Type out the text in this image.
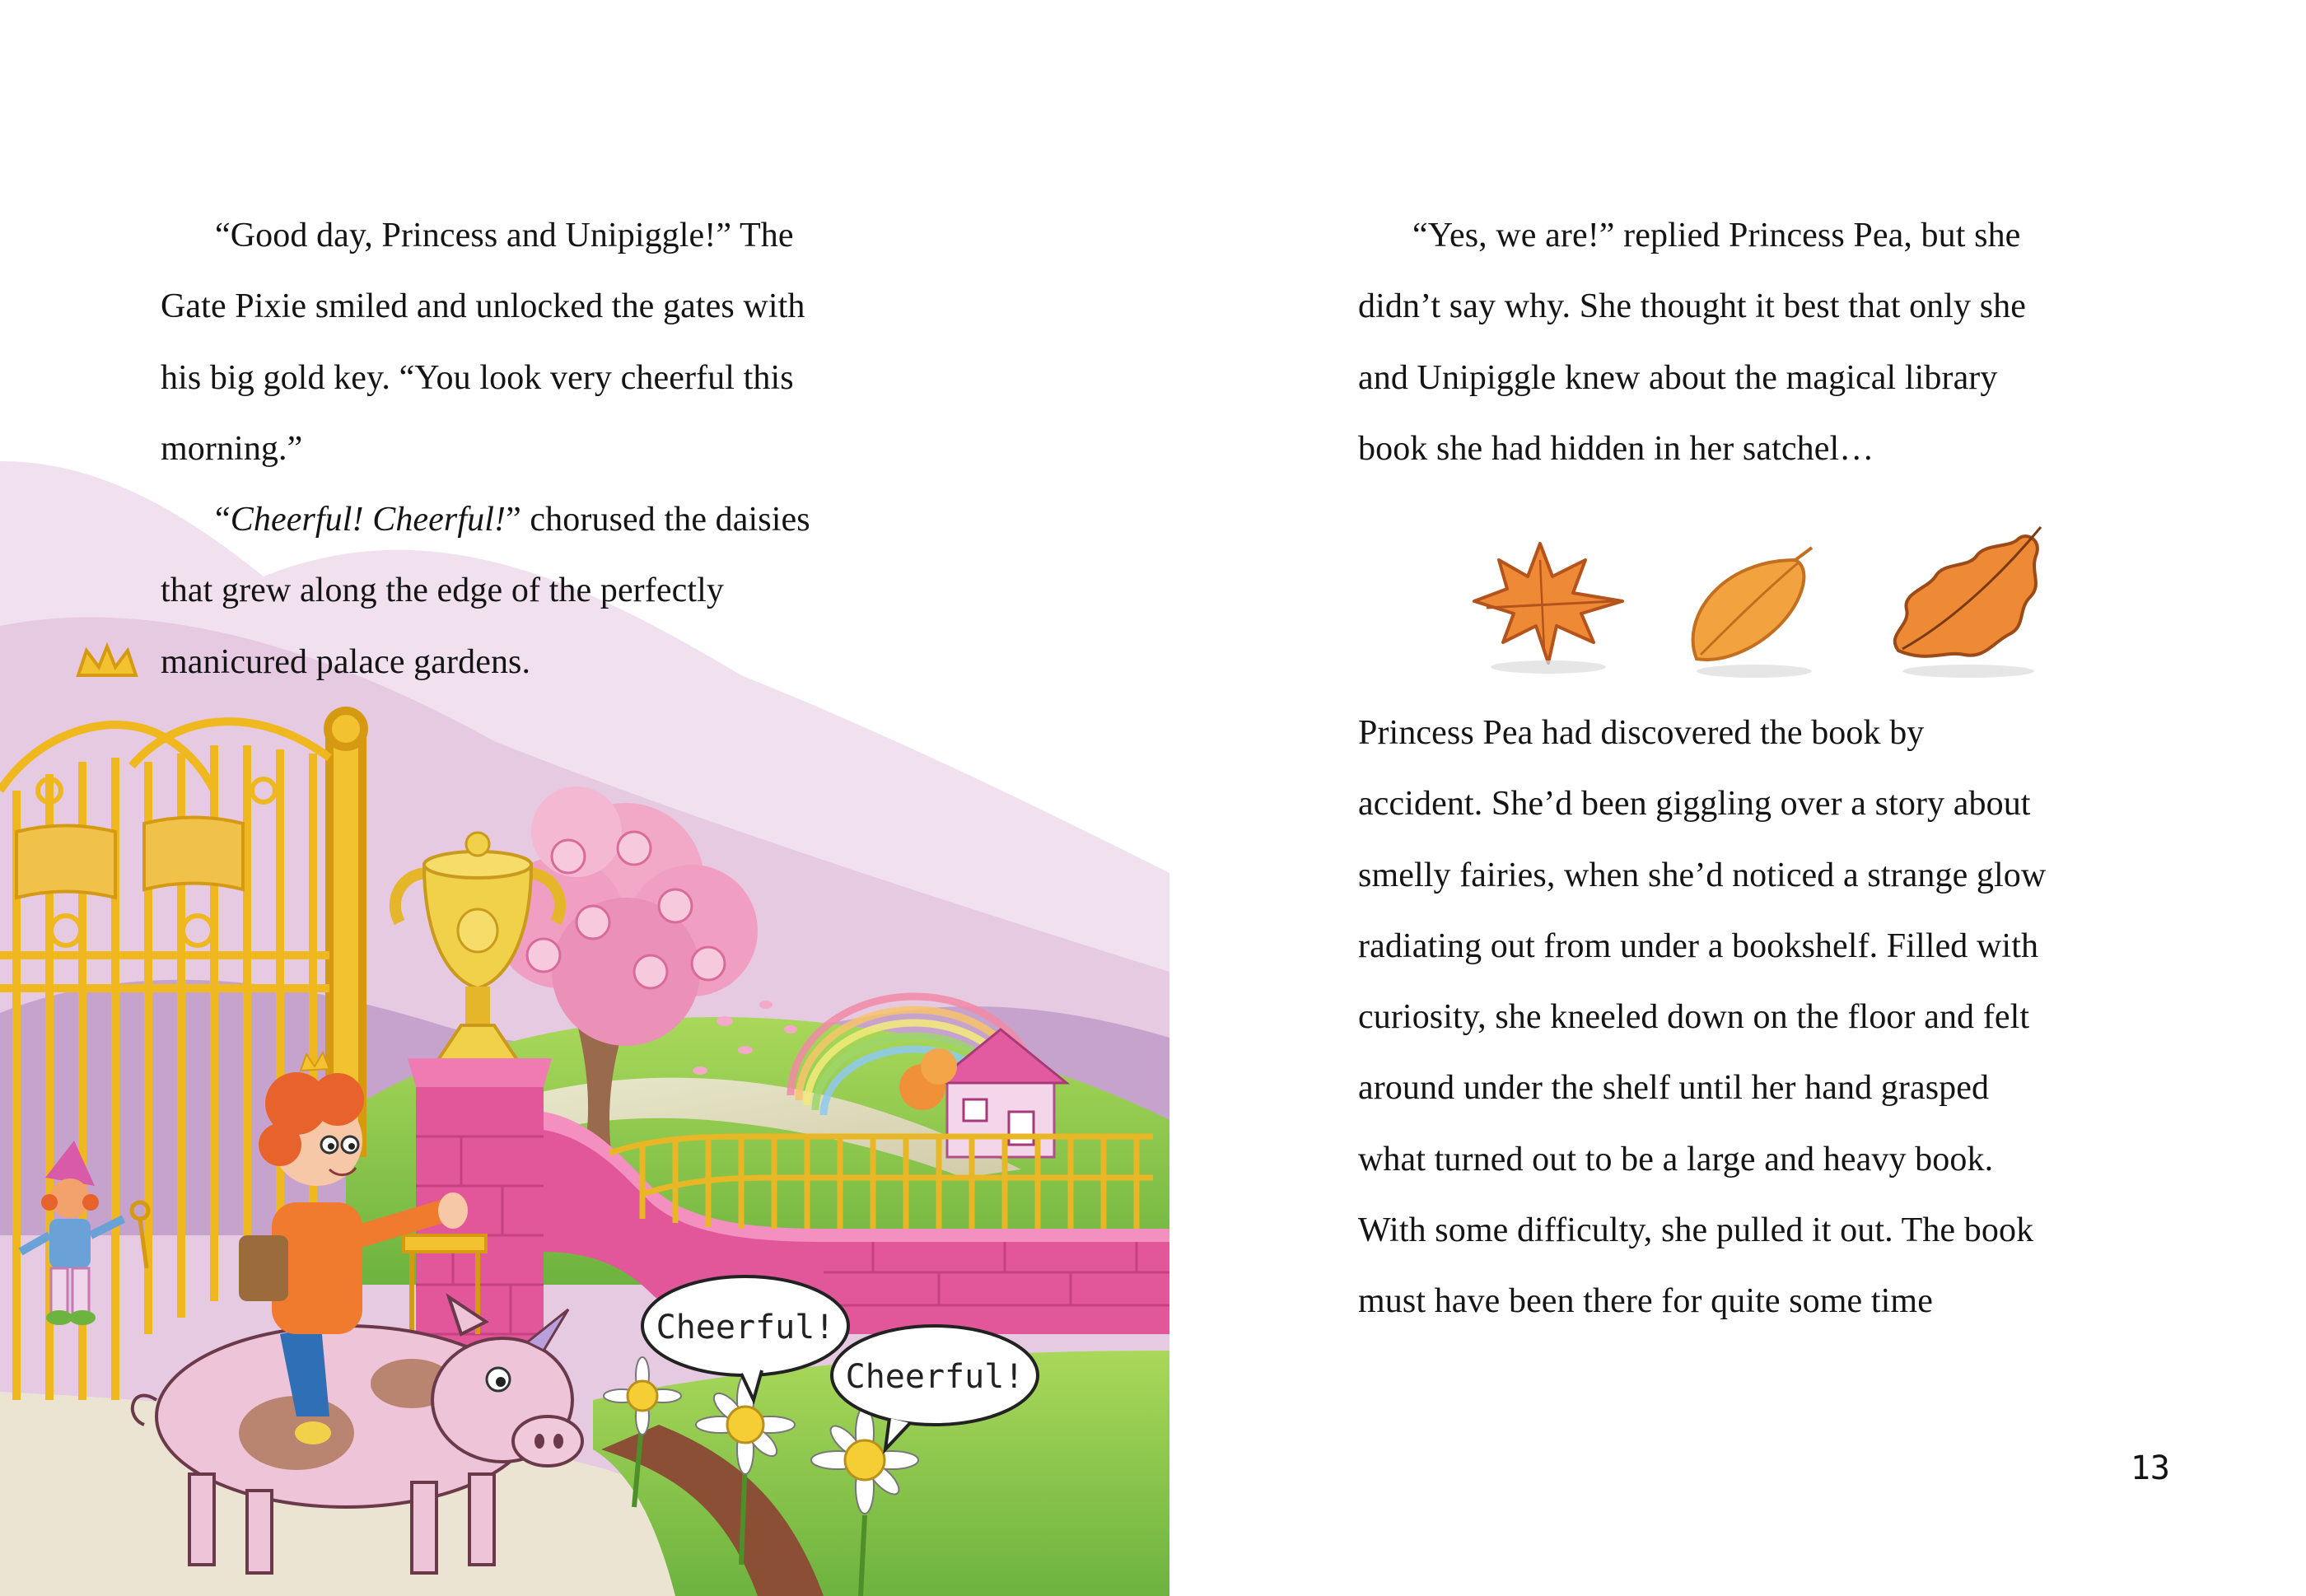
Cheerful!
Cheerful!

“Good day, Princess and Unipiggle!” The

Gate Pixie smiled and unlocked the gates with

his big gold key. “You look very cheerful this

morning.”

“Cheerful! Cheerful!” chorused the daisies

that grew along the edge of the perfectly

manicured palace gardens.

“Yes, we are!” replied Princess Pea, but she

didn’t say why. She thought it best that only she

and Unipiggle knew about the magical library

book she had hidden in her satchel…

Princess Pea had discovered the book by

accident. She’d been giggling over a story about

smelly fairies, when she’d noticed a strange glow

radiating out from under a bookshelf. Filled with

curiosity, she kneeled down on the floor and felt

around under the shelf until her hand grasped

what turned out to be a large and heavy book.

With some difficulty, she pulled it out. The book

must have been there for quite some time

13
